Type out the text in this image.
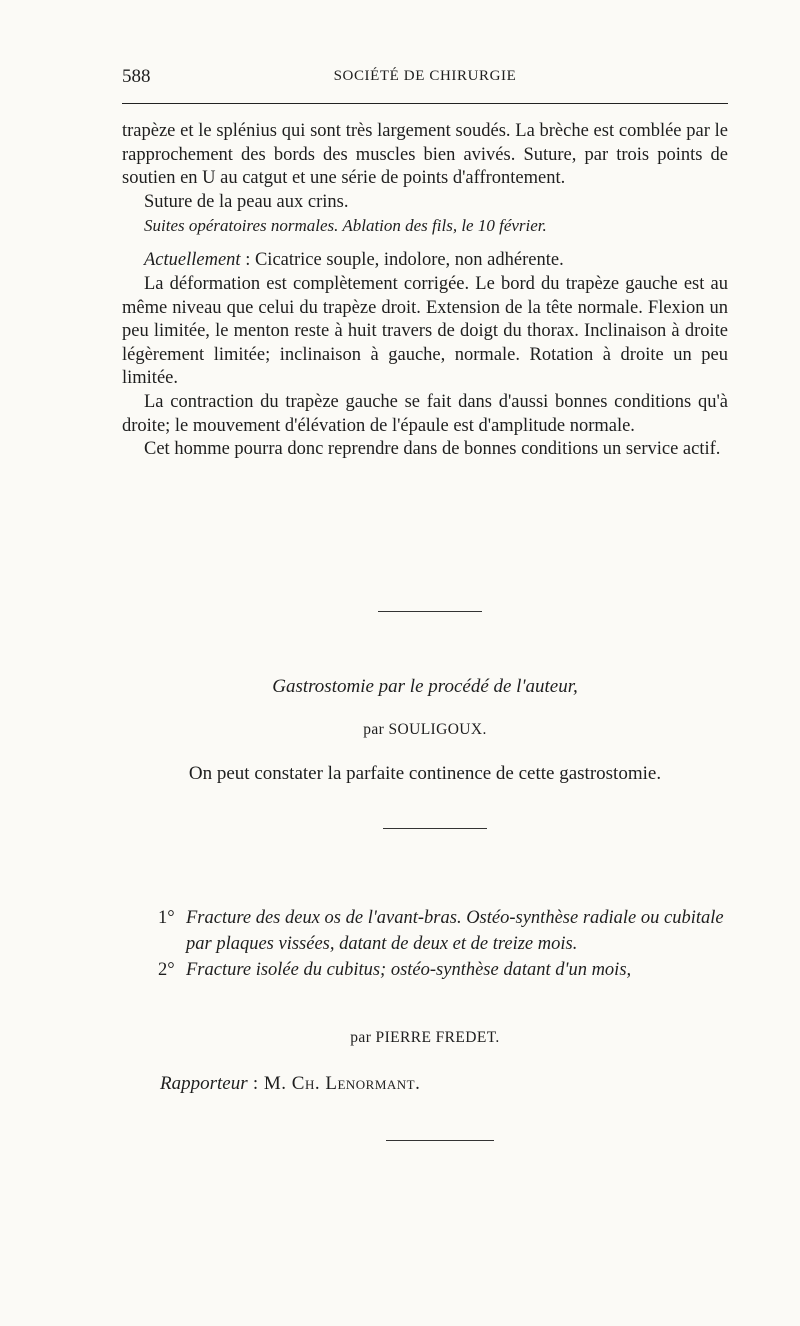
588	SOCIÉTÉ DE CHIRURGIE

trapèze et le splénius qui sont très largement soudés. La brèche est comblée par le rapprochement des bords des muscles bien avivés. Suture, par trois points de soutien en U au catgut et une série de points d'affrontement.

Suture de la peau aux crins.

Suites opératoires normales. Ablation des fils, le 10 février.

Actuellement : Cicatrice souple, indolore, non adhérente.

La déformation est complètement corrigée. Le bord du trapèze gauche est au même niveau que celui du trapèze droit. Extension de la tête normale. Flexion un peu limitée, le menton reste à huit travers de doigt du thorax. Inclinaison à droite légèrement limitée; inclinaison à gauche, normale. Rotation à droite un peu limitée.

La contraction du trapèze gauche se fait dans d'aussi bonnes conditions qu'à droite; le mouvement d'élévation de l'épaule est d'amplitude normale.

Cet homme pourra donc reprendre dans de bonnes conditions un service actif.

Gastrostomie par le procédé de l'auteur,
par SOULIGOUX.
On peut constater la parfaite continence de cette gastrostomie.
1° Fracture des deux os de l'avant-bras. Ostéo-synthèse radiale ou cubitale par plaques vissées, datant de deux et de treize mois.
2° Fracture isolée du cubitus; ostéo-synthèse datant d'un mois,
par PIERRE FREDET.
Rapporteur : M. Ch. Lenormant.
